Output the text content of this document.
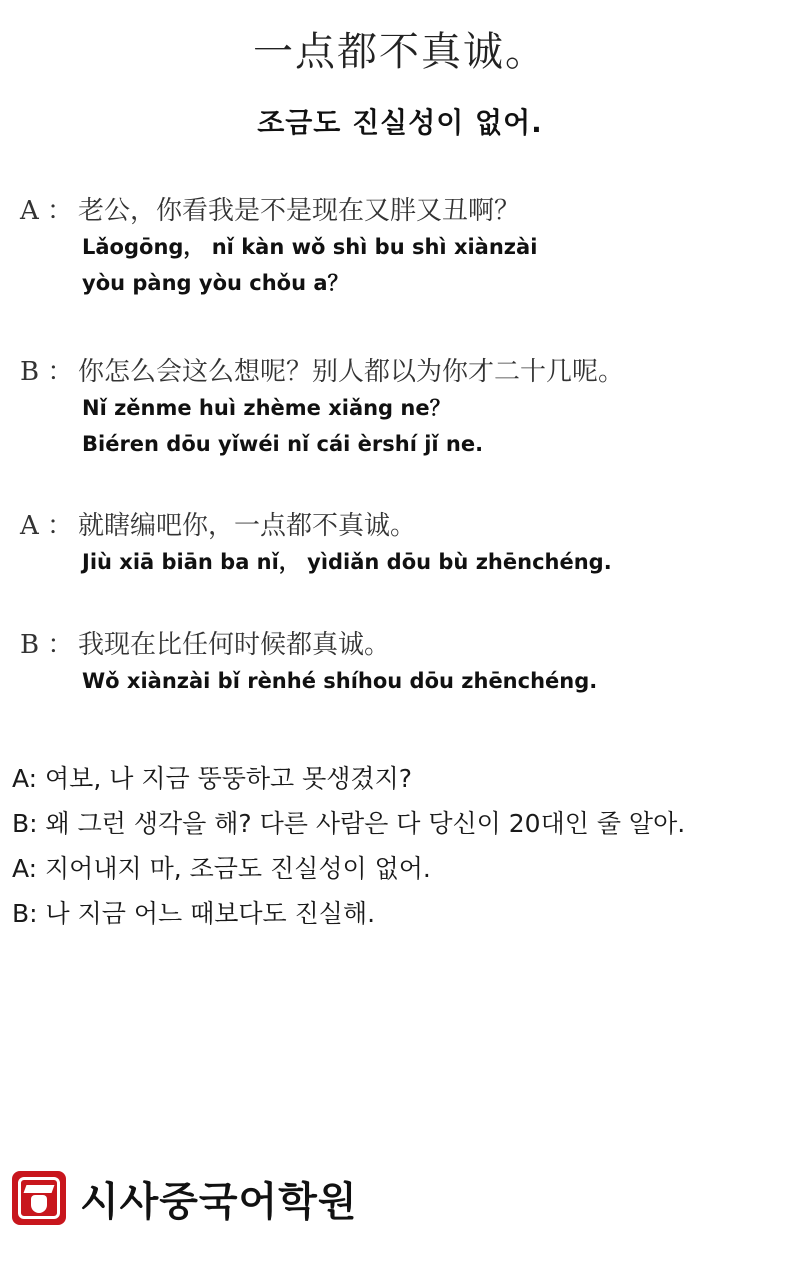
一点都不真诚。
조금도 진실성이 없어.
A ： 老公，你看我是不是现在又胖又丑啊？
Lǎogōng， nǐ kàn wǒ shì bu shì xiànzài
yòu pàng yòu chǒu a？
B ： 你怎么会这么想呢？别人都以为你才二十几呢。
Nǐ zěnme huì zhème xiǎng ne？
Biéren dōu yǐwéi nǐ cái èrshí jǐ ne.
A ： 就瞎编吧你，一点都不真诚。
Jiù xiā biān ba nǐ， yìdiǎn dōu bù zhēnchéng.
B ： 我现在比任何时候都真诚。
Wǒ xiànzài bǐ rènhé shíhou dōu zhēnchéng.
A: 여보, 나 지금 뚱뚱하고 못생겼지?
B: 왜 그런 생각을 해? 다른 사람은 다 당신이 20대인 줄 알아.
A: 지어내지 마, 조금도 진실성이 없어.
B: 나 지금 어느 때보다도 진실해.
시사중국어학원
